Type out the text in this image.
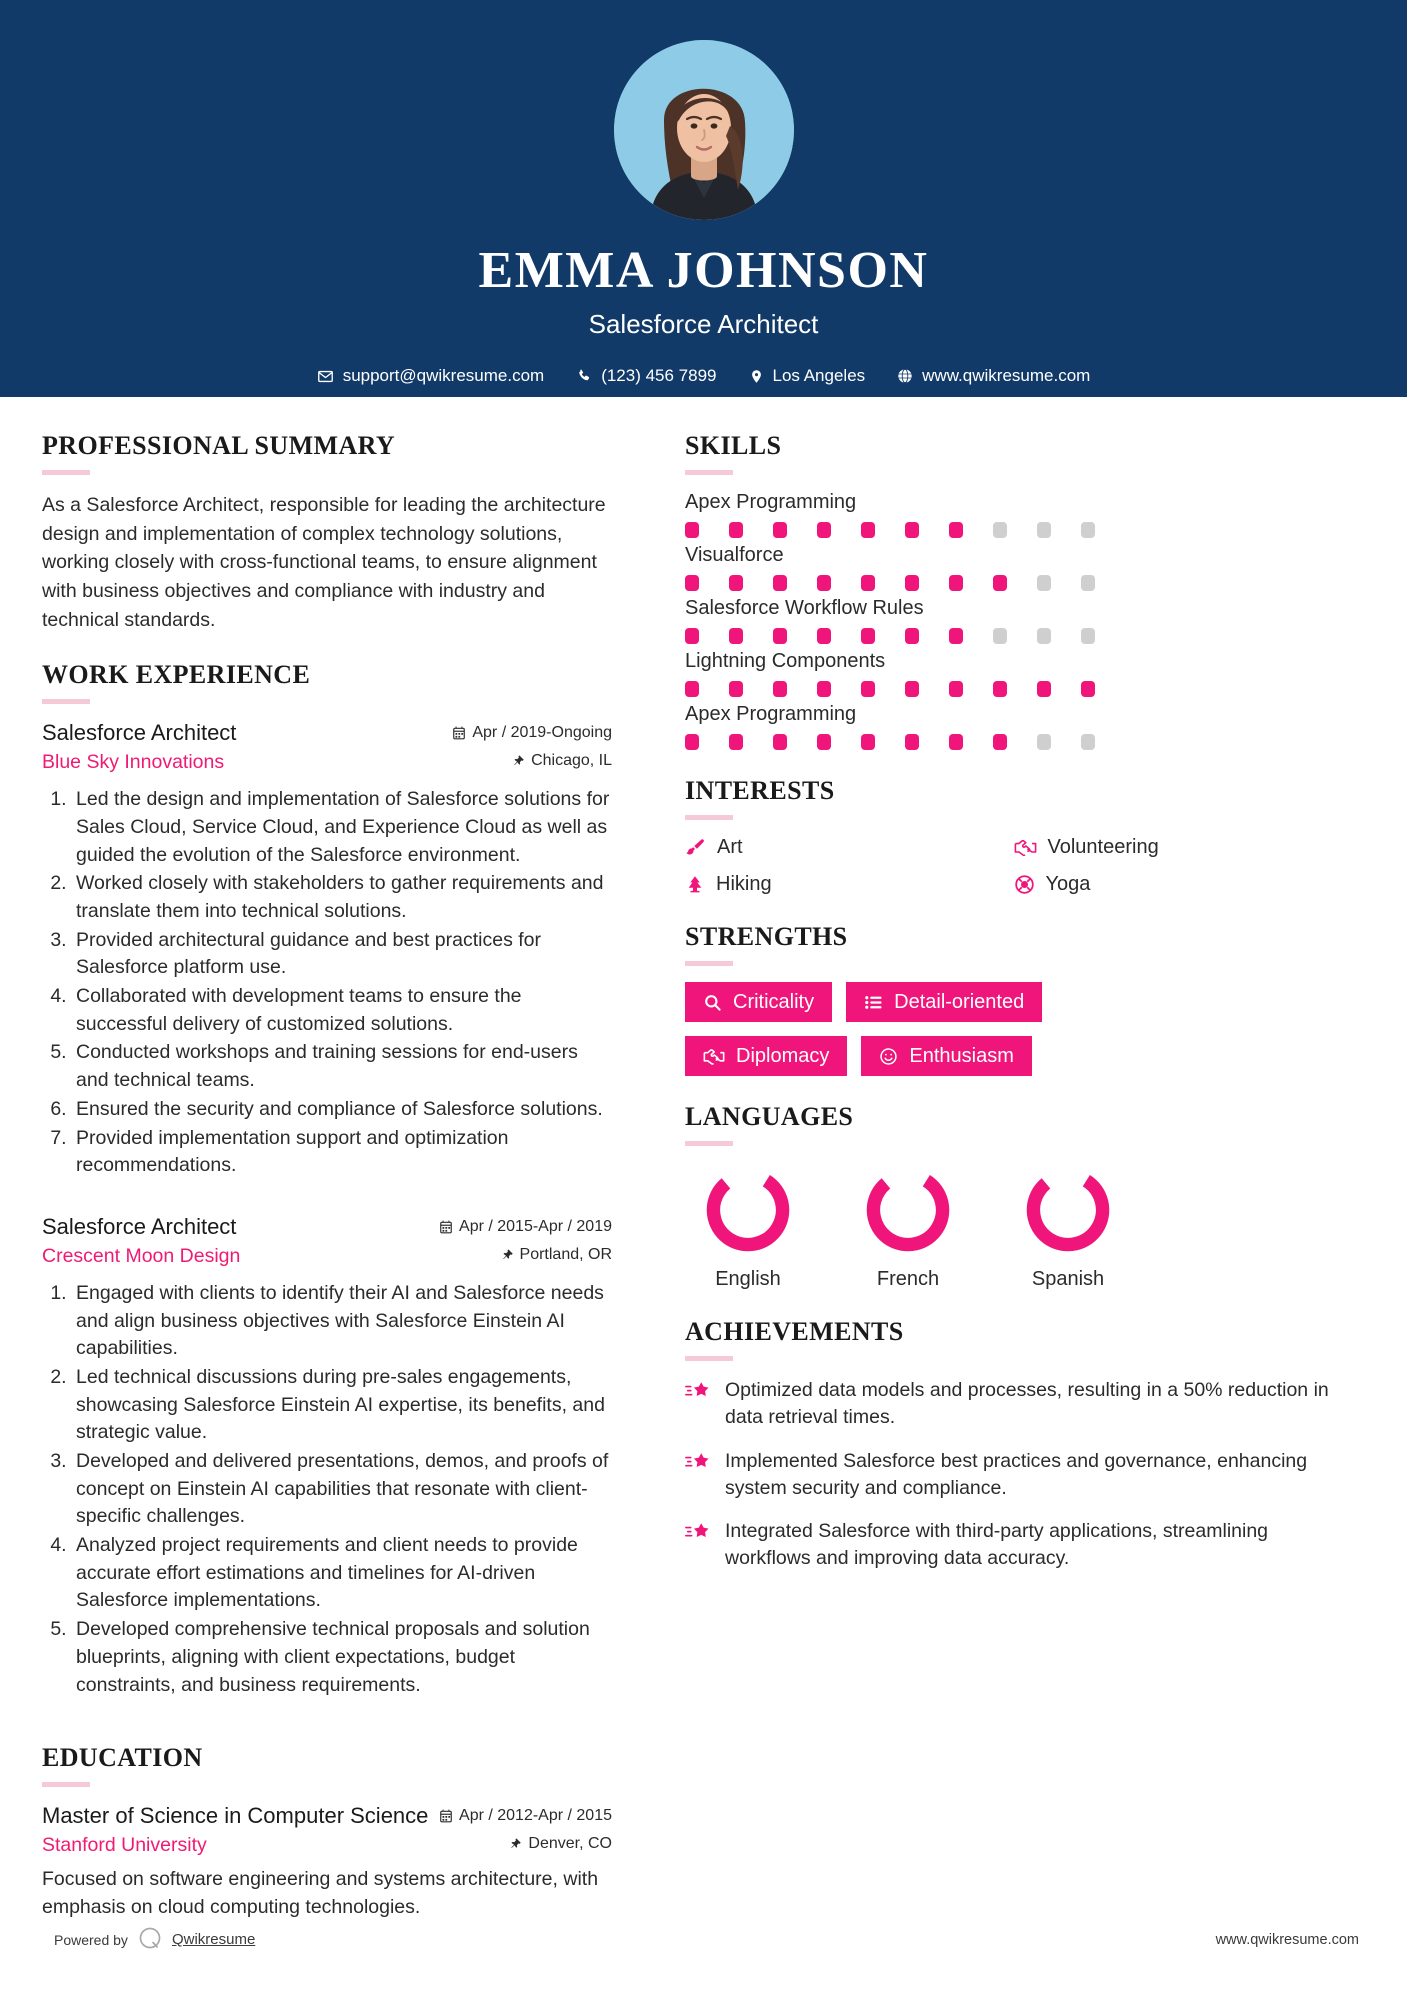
EMMA JOHNSON
Salesforce Architect
support@qwikresume.com	(123) 456 7899	Los Angeles	www.qwikresume.com
PROFESSIONAL SUMMARY
As a Salesforce Architect, responsible for leading the architecture design and implementation of complex technology solutions, working closely with cross-functional teams, to ensure alignment with business objectives and compliance with industry and technical standards.
WORK EXPERIENCE
Salesforce Architect	Apr / 2019-Ongoing
Blue Sky Innovations	Chicago, IL
1. Led the design and implementation of Salesforce solutions for Sales Cloud, Service Cloud, and Experience Cloud as well as guided the evolution of the Salesforce environment.
2. Worked closely with stakeholders to gather requirements and translate them into technical solutions.
3. Provided architectural guidance and best practices for Salesforce platform use.
4. Collaborated with development teams to ensure the successful delivery of customized solutions.
5. Conducted workshops and training sessions for end-users and technical teams.
6. Ensured the security and compliance of Salesforce solutions.
7. Provided implementation support and optimization recommendations.
Salesforce Architect	Apr / 2015-Apr / 2019
Crescent Moon Design	Portland, OR
1. Engaged with clients to identify their AI and Salesforce needs and align business objectives with Salesforce Einstein AI capabilities.
2. Led technical discussions during pre-sales engagements, showcasing Salesforce Einstein AI expertise, its benefits, and strategic value.
3. Developed and delivered presentations, demos, and proofs of concept on Einstein AI capabilities that resonate with client-specific challenges.
4. Analyzed project requirements and client needs to provide accurate effort estimations and timelines for AI-driven Salesforce implementations.
5. Developed comprehensive technical proposals and solution blueprints, aligning with client expectations, budget constraints, and business requirements.
EDUCATION
Master of Science in Computer Science Apr / 2012-Apr / 2015
Stanford University	Denver, CO
Focused on software engineering and systems architecture, with emphasis on cloud computing technologies.
SKILLS
Apex Programming
Visualforce
Salesforce Workflow Rules
Lightning Components
Apex Programming
INTERESTS
Art	Volunteering
Hiking	Yoga
STRENGTHS
Criticality	Detail-oriented
Diplomacy	Enthusiasm
LANGUAGES
English	French	Spanish
ACHIEVEMENTS
Optimized data models and processes, resulting in a 50% reduction in data retrieval times.
Implemented Salesforce best practices and governance, enhancing system security and compliance.
Integrated Salesforce with third-party applications, streamlining workflows and improving data accuracy.
Powered by	Qwikresume	www.qwikresume.com
